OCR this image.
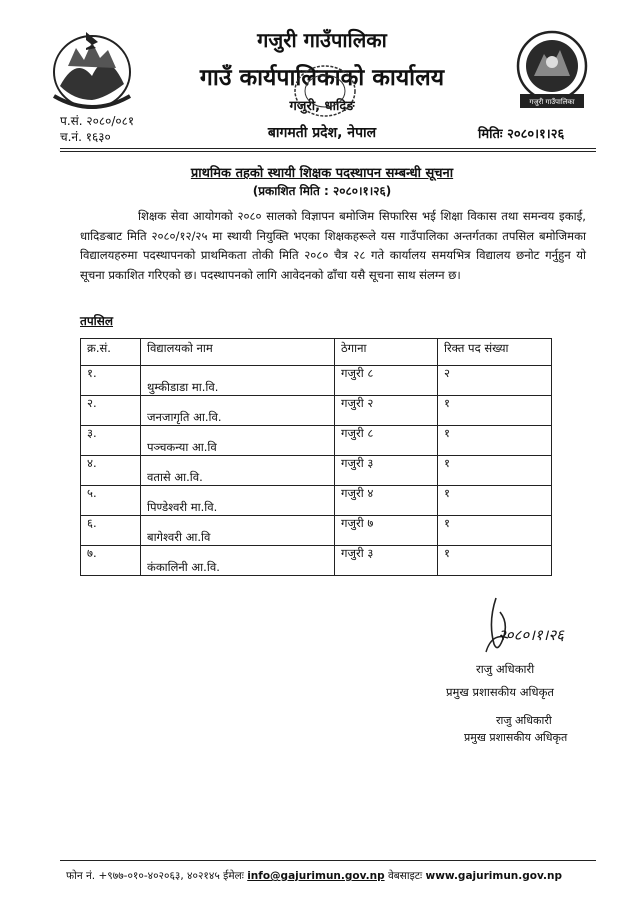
गजुरी गाउँपालिका
गजुरी गाउँपालिका
गाउँ कार्यपालिकाको कार्यालय
गजुरी, धादिङ
बागमती प्रदेश, नेपाल
प.सं. २०८०/०८१
च.नं. १६३०	मितिः २०८०।१।२६
प्राथमिक तहको स्थायी शिक्षक पदस्थापन सम्बन्धी सूचना
(प्रकाशित मिति : २०८०।१।२६)
शिक्षक सेवा आयोगको २०८० सालको विज्ञापन बमोजिम सिफारिस भई शिक्षा विकास तथा समन्वय इकाई, धादिङबाट मिति २०८०/१२/२५ मा स्थायी नियुक्ति भएका शिक्षकहरूले यस गाउँपालिका अन्तर्गतका तपसिल बमोजिमका विद्यालयहरुमा पदस्थापनको प्राथमिकता तोकी मिति २०८० चैत्र २८ गते कार्यालय समयभित्र विद्यालय छनोट गर्नुहुन यो सूचना प्रकाशित गरिएको छ। पदस्थापनको लागि आवेदनको ढाँचा यसै सूचना साथ संलग्न छ।
तपसिल
क्र.सं.	विद्यालयको नाम	ठेगाना	रिक्त पद संख्या
१.	थुम्कीडाडा मा.वि.	गजुरी ८	२
२.	जनजागृति आ.वि.	गजुरी २	१
३.	पञ्चकन्या आ.वि	गजुरी ८	१
४.	वतासे आ.वि.	गजुरी ३	१
५.	पिण्डेश्वरी मा.वि.	गजुरी ४	१
६.	बागेश्वरी आ.वि	गजुरी ७	१
७.	कंकालिनी आ.वि.	गजुरी ३	१
२०८०।१।२६
राजु अधिकारी
प्रमुख प्रशासकीय अधिकृत
राजु अधिकारी
प्रमुख प्रशासकीय अधिकृत
फोन नं. +९७७-०१०-४०२०६३, ४०२१४५ ईमेलः info@gajurimun.gov.np वेबसाइटः www.gajurimun.gov.np
